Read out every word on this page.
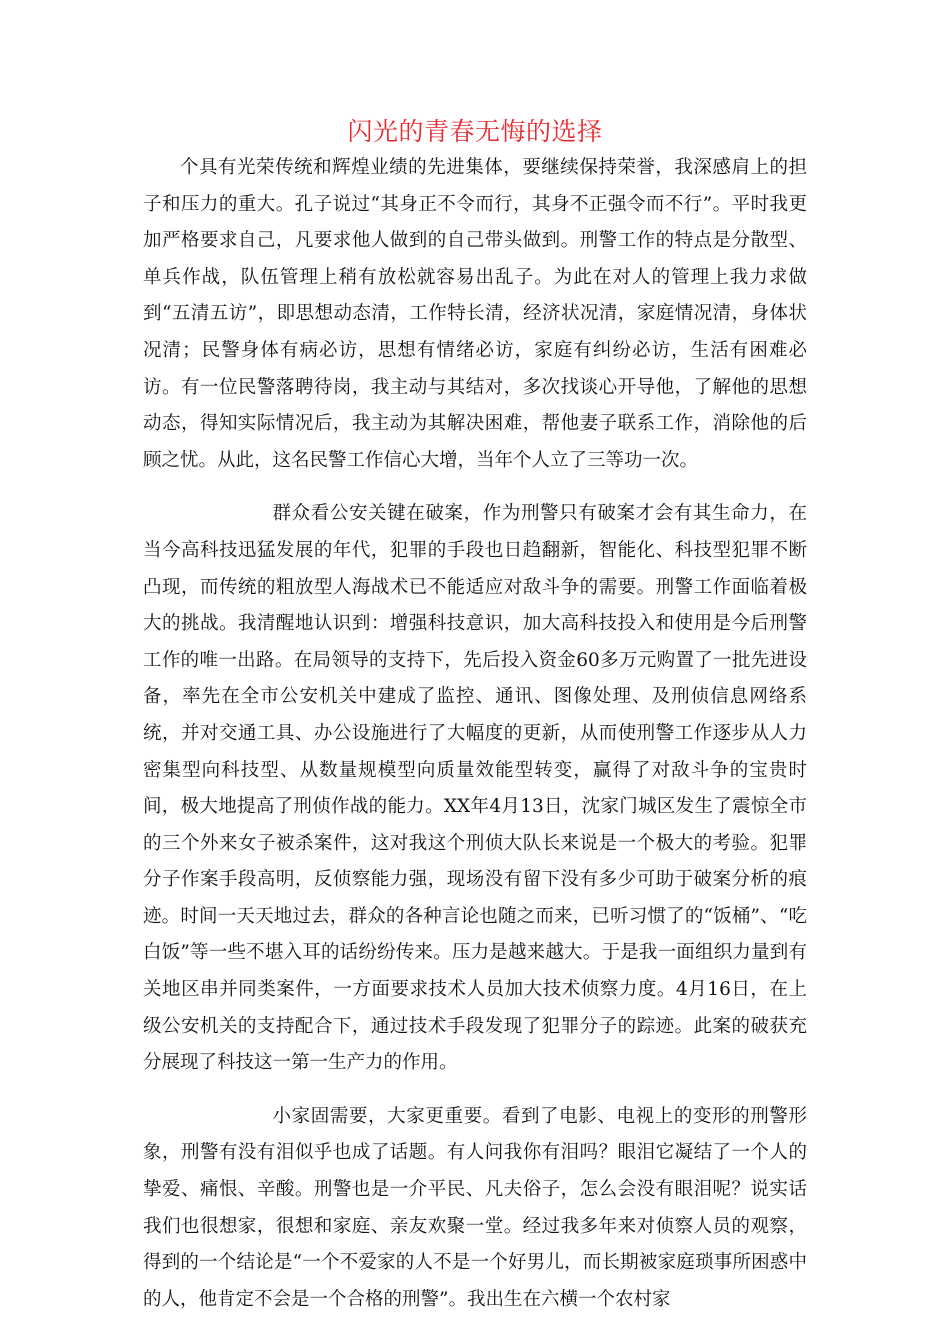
闪光的青春无悔的选择

个具有光荣传统和辉煌业绩的先进集体，要继续保持荣誉，我深感肩上的担子和压力的重大。孔子说过“其身正不令而行，其身不正强令而不行”。平时我更加严格要求自己，凡要求他人做到的自己带头做到。刑警工作的特点是分散型、单兵作战，队伍管理上稍有放松就容易出乱子。为此在对人的管理上我力求做到“五清五访”，即思想动态清，工作特长清，经济状况清，家庭情况清，身体状况清；民警身体有病必访，思想有情绪必访，家庭有纠纷必访，生活有困难必访。有一位民警落聘待岗，我主动与其结对，多次找谈心开导他，了解他的思想动态，得知实际情况后，我主动为其解决困难，帮他妻子联系工作，消除他的后顾之忧。从此，这名民警工作信心大增，当年个人立了三等功一次。

群众看公安关键在破案，作为刑警只有破案才会有其生命力，在当今高科技迅猛发展的年代，犯罪的手段也日趋翻新，智能化、科技型犯罪不断凸现，而传统的粗放型人海战术已不能适应对敌斗争的需要。刑警工作面临着极大的挑战。我清醒地认识到：增强科技意识，加大高科技投入和使用是今后刑警工作的唯一出路。在局领导的支持下，先后投入资金60多万元购置了一批先进设备，率先在全市公安机关中建成了监控、通讯、图像处理、及刑侦信息网络系统，并对交通工具、办公设施进行了大幅度的更新，从而使刑警工作逐步从人力密集型向科技型、从数量规模型向质量效能型转变，赢得了对敌斗争的宝贵时间，极大地提高了刑侦作战的能力。XX年4月13日，沈家门城区发生了震惊全市的三个外来女子被杀案件，这对我这个刑侦大队长来说是一个极大的考验。犯罪分子作案手段高明，反侦察能力强，现场没有留下没有多少可助于破案分析的痕迹。时间一天天地过去，群众的各种言论也随之而来，已听习惯了的“饭桶”、“吃白饭”等一些不堪入耳的话纷纷传来。压力是越来越大。于是我一面组织力量到有关地区串并同类案件，一方面要求技术人员加大技术侦察力度。4月16日，在上级公安机关的支持配合下，通过技术手段发现了犯罪分子的踪迹。此案的破获充分展现了科技这一第一生产力的作用。

小家固需要，大家更重要。看到了电影、电视上的变形的刑警形象，刑警有没有泪似乎也成了话题。有人问我你有泪吗？眼泪它凝结了一个人的挚爱、痛恨、辛酸。刑警也是一介平民、凡夫俗子，怎么会没有眼泪呢？说实话我们也很想家，很想和家庭、亲友欢聚一堂。经过我多年来对侦察人员的观察，得到的一个结论是“一个不爱家的人不是一个好男儿，而长期被家庭琐事所困惑中的人，他肯定不会是一个合格的刑警”。我出生在六横一个农村家
